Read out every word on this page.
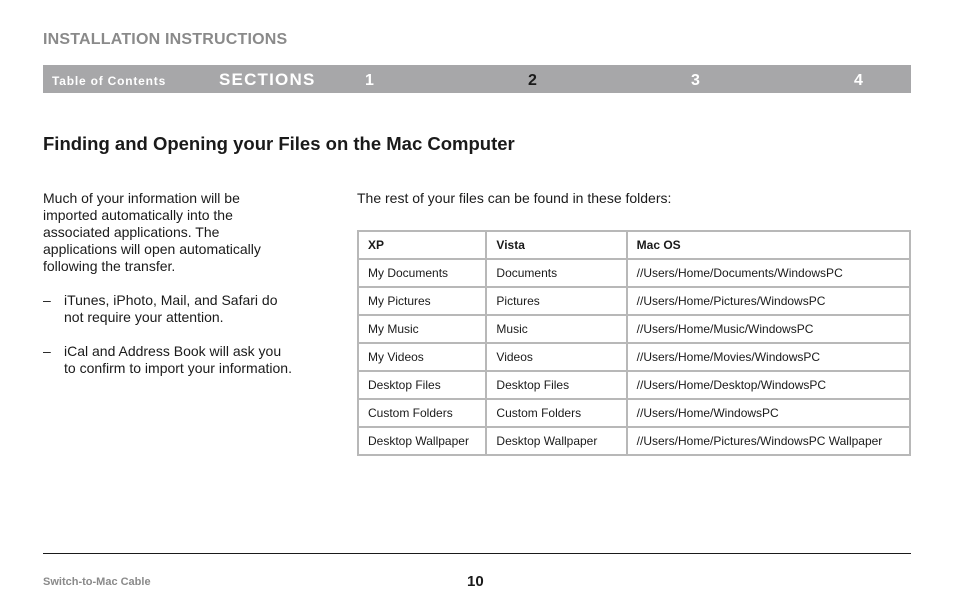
INSTALLATION INSTRUCTIONS
Table of Contents	SECTIONS	1	2	3	4
Finding and Opening your Files on the Mac Computer

Much of your information will be imported automatically into the associated applications. The applications will open automatically following the transfer.

– iTunes, iPhoto, Mail, and Safari do not require your attention.
– iCal and Address Book will ask you to confirm to import your information.
The rest of your files can be found in these folders:
XP	Vista	Mac OS
My Documents	Documents	//Users/Home/Documents/WindowsPC
My Pictures	Pictures	//Users/Home/Pictures/WindowsPC
My Music	Music	//Users/Home/Music/WindowsPC
My Videos	Videos	//Users/Home/Movies/WindowsPC
Desktop Files	Desktop Files	//Users/Home/Desktop/WindowsPC
Custom Folders	Custom Folders	//Users/Home/WindowsPC
Desktop Wallpaper	Desktop Wallpaper	//Users/Home/Pictures/WindowsPC Wallpaper
Switch-to-Mac Cable	10
